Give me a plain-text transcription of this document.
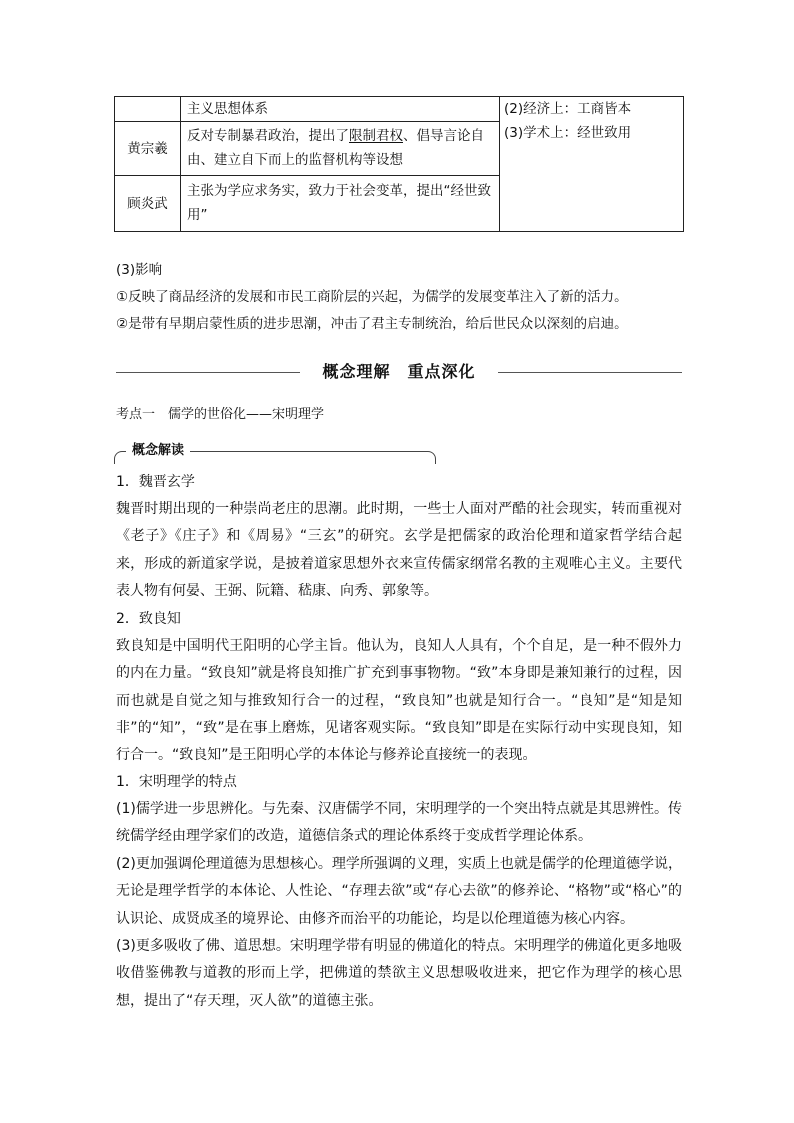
	主义思想体系	(2)经济上：工商皆本
(3)学术上：经世致用

黄宗羲	反对专制暴君政治，提出了限制君权、倡导言论自由、建立自下而上的监督机构等设想	
顾炎武	主张为学应求务实，致力于社会变革，提出“经世致用”	
(3)影响
①反映了商品经济的发展和市民工商阶层的兴起，为儒学的发展变革注入了新的活力。
②是带有早期启蒙性质的进步思潮，冲击了君主专制统治，给后世民众以深刻的启迪。
概念理解　重点深化
考点一　儒学的世俗化——宋明理学
概念解读
1．魏晋玄学
魏晋时期出现的一种崇尚老庄的思潮。此时期，一些士人面对严酷的社会现实，转而重视对《老子》《庄子》和《周易》“三玄”的研究。玄学是把儒家的政治伦理和道家哲学结合起来，形成的新道家学说，是披着道家思想外衣来宣传儒家纲常名教的主观唯心主义。主要代表人物有何晏、王弼、阮籍、嵇康、向秀、郭象等。
2．致良知
致良知是中国明代王阳明的心学主旨。他认为，良知人人具有，个个自足，是一种不假外力的内在力量。“致良知”就是将良知推广扩充到事事物物。“致”本身即是兼知兼行的过程，因而也就是自觉之知与推致知行合一的过程，“致良知”也就是知行合一。“良知”是“知是知非”的“知”，“致”是在事上磨炼，见诸客观实际。“致良知”即是在实际行动中实现良知，知行合一。“致良知”是王阳明心学的本体论与修养论直接统一的表现。
1．宋明理学的特点
(1)儒学进一步思辨化。与先秦、汉唐儒学不同，宋明理学的一个突出特点就是其思辨性。传统儒学经由理学家们的改造，道德信条式的理论体系终于变成哲学理论体系。
(2)更加强调伦理道德为思想核心。理学所强调的义理，实质上也就是儒学的伦理道德学说，无论是理学哲学的本体论、人性论、“存理去欲”或“存心去欲”的修养论、“格物”或“格心”的认识论、成贤成圣的境界论、由修齐而治平的功能论，均是以伦理道德为核心内容。
(3)更多吸收了佛、道思想。宋明理学带有明显的佛道化的特点。宋明理学的佛道化更多地吸收借鉴佛教与道教的形而上学，把佛道的禁欲主义思想吸收进来，把它作为理学的核心思想，提出了“存天理，灭人欲”的道德主张。
